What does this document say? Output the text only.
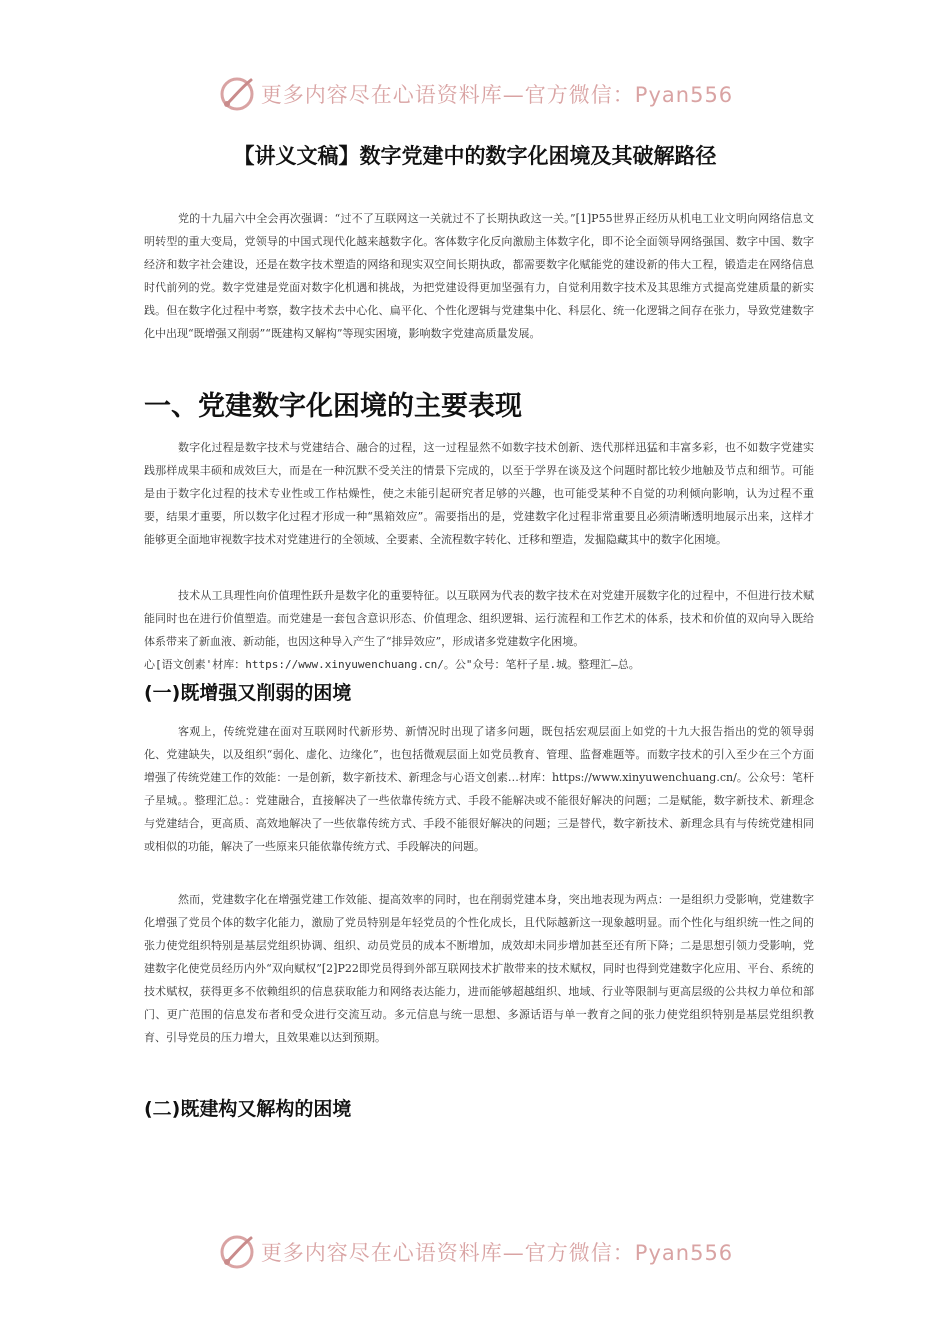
更多内容尽在心语资料库—官方微信：Pyan556
【讲义文稿】数字党建中的数字化困境及其破解路径
党的十九届六中全会再次强调：“过不了互联网这一关就过不了长期执政这一关。”[1]P55世界正经历从机电工业文明向网络信息文明转型的重大变局，党领导的中国式现代化越来越数字化。客体数字化反向激励主体数字化，即不论全面领导网络强国、数字中国、数字经济和数字社会建设，还是在数字技术塑造的网络和现实双空间长期执政，都需要数字化赋能党的建设新的伟大工程，锻造走在网络信息时代前列的党。数字党建是党面对数字化机遇和挑战，为把党建设得更加坚强有力，自觉利用数字技术及其思维方式提高党建质量的新实践。但在数字化过程中考察，数字技术去中心化、扁平化、个性化逻辑与党建集中化、科层化、统一化逻辑之间存在张力，导致党建数字化中出现“既增强又削弱”“既建构又解构”等现实困境，影响数字党建高质量发展。
一、党建数字化困境的主要表现
数字化过程是数字技术与党建结合、融合的过程，这一过程显然不如数字技术创新、迭代那样迅猛和丰富多彩，也不如数字党建实践那样成果丰硕和成效巨大，而是在一种沉默不受关注的情景下完成的，以至于学界在谈及这个问题时都比较少地触及节点和细节。可能是由于数字化过程的技术专业性或工作枯燥性，使之未能引起研究者足够的兴趣，也可能受某种不自觉的功利倾向影响，认为过程不重要，结果才重要，所以数字化过程才形成一种“黑箱效应”。需要指出的是，党建数字化过程非常重要且必须清晰透明地展示出来，这样才能够更全面地审视数字技术对党建进行的全领域、全要素、全流程数字转化、迁移和塑造，发掘隐藏其中的数字化困境。
技术从工具理性向价值理性跃升是数字化的重要特征。以互联网为代表的数字技术在对党建开展数字化的过程中，不但进行技术赋能同时也在进行价值塑造。而党建是一套包含意识形态、价值理念、组织逻辑、运行流程和工作艺术的体系，技术和价值的双向导入既给体系带来了新血液、新动能，也因这种导入产生了“排异效应”，形成诸多党建数字化困境。
心[语文创素'材库：https://www.xinyuwenchuang.cn/。公"众号：笔杆子星.城。整理汇—总。
(一)既增强又削弱的困境
客观上，传统党建在面对互联网时代新形势、新情况时出现了诸多问题，既包括宏观层面上如党的十九大报告指出的党的领导弱化、党建缺失，以及组织“弱化、虚化、边缘化”，也包括微观层面上如党员教育、管理、监督难题等。而数字技术的引入至少在三个方面增强了传统党建工作的效能：一是创新，数字新技术、新理念与心语文创素…材库：https://www.xinyuwenchuang.cn/。公众号：笔杆子星城。。整理汇总。：党建融合，直接解决了一些依靠传统方式、手段不能解决或不能很好解决的问题；二是赋能，数字新技术、新理念与党建结合，更高质、高效地解决了一些依靠传统方式、手段不能很好解决的问题；三是替代，数字新技术、新理念具有与传统党建相同或相似的功能，解决了一些原来只能依靠传统方式、手段解决的问题。
然而，党建数字化在增强党建工作效能、提高效率的同时，也在削弱党建本身，突出地表现为两点：一是组织力受影响，党建数字化增强了党员个体的数字化能力，激励了党员特别是年轻党员的个性化成长，且代际越新这一现象越明显。而个性化与组织统一性之间的张力使党组织特别是基层党组织协调、组织、动员党员的成本不断增加，成效却未同步增加甚至还有所下降；二是思想引领力受影响，党建数字化使党员经历内外“双向赋权”[2]P22即党员得到外部互联网技术扩散带来的技术赋权，同时也得到党建数字化应用、平台、系统的技术赋权，获得更多不依赖组织的信息获取能力和网络表达能力，进而能够超越组织、地域、行业等限制与更高层级的公共权力单位和部门、更广范围的信息发布者和受众进行交流互动。多元信息与统一思想、多源话语与单一教育之间的张力使党组织特别是基层党组织教育、引导党员的压力增大，且效果难以达到预期。
(二)既建构又解构的困境
更多内容尽在心语资料库—官方微信：Pyan556
